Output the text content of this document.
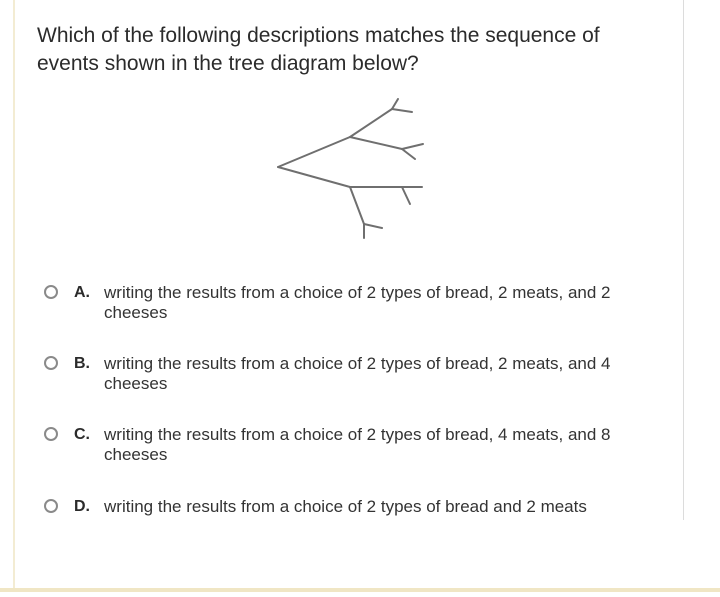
Which of the following descriptions matches the sequence of events shown in the tree diagram below?
A. writing the results from a choice of 2 types of bread, 2 meats, and 2 cheeses
B. writing the results from a choice of 2 types of bread, 2 meats, and 4 cheeses
C. writing the results from a choice of 2 types of bread, 4 meats, and 8 cheeses
D. writing the results from a choice of 2 types of bread and 2 meats
